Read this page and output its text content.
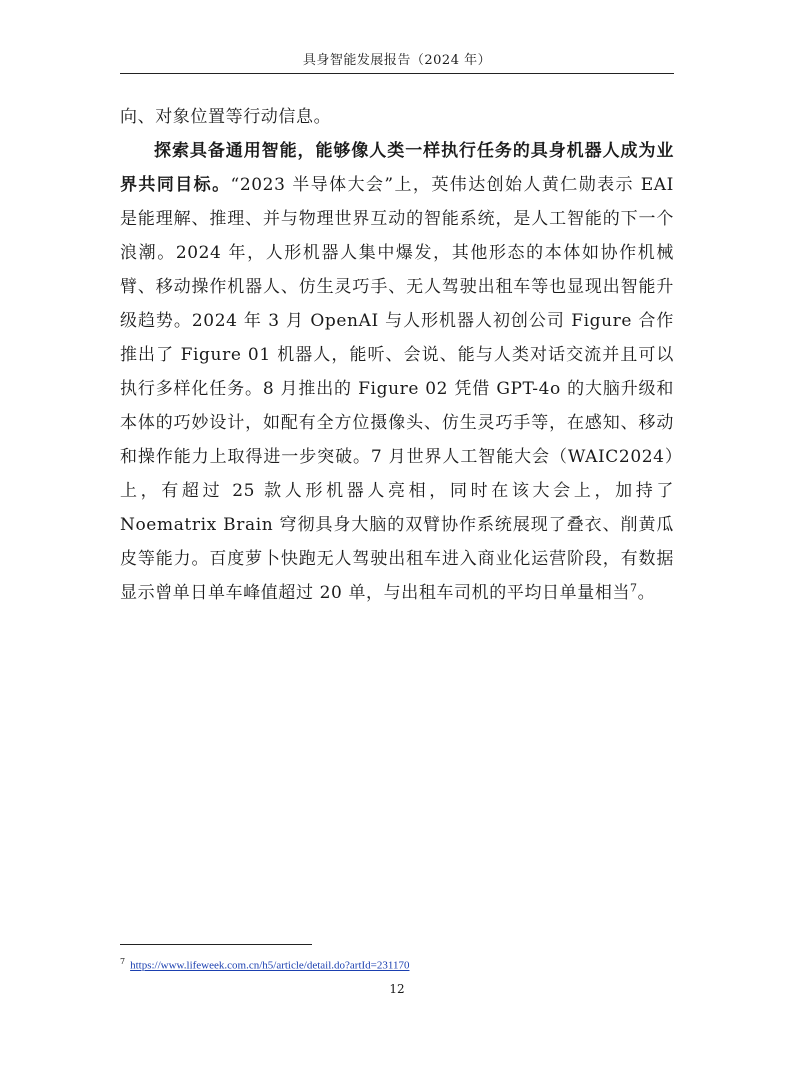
具身智能发展报告（2024 年）

向、对象位置等行动信息。

探索具备通用智能，能够像人类一样执行任务的具身机器人成为业界共同目标。“2023 半导体大会”上，英伟达创始人黄仁勋表示 EAI 是能理解、推理、并与物理世界互动的智能系统，是人工智能的下一个浪潮。2024 年，人形机器人集中爆发，其他形态的本体如协作机械臂、移动操作机器人、仿生灵巧手、无人驾驶出租车等也显现出智能升级趋势。2024 年 3 月 OpenAI 与人形机器人初创公司 Figure 合作推出了 Figure 01 机器人，能听、会说、能与人类对话交流并且可以执行多样化任务。8 月推出的 Figure 02 凭借 GPT-4o 的大脑升级和本体的巧妙设计，如配有全方位摄像头、仿生灵巧手等，在感知、移动和操作能力上取得进一步突破。7 月世界人工智能大会（WAIC2024）上，有超过 25 款人形机器人亮相，同时在该大会上，加持了 Noematrix Brain 穹彻具身大脑的双臂协作系统展现了叠衣、削黄瓜皮等能力。百度萝卜快跑无人驾驶出租车进入商业化运营阶段，有数据显示曾单日单车峰值超过 20 单，与出租车司机的平均日单量相当$^7$。

$^7$ https://www.lifeweek.com.cn/h5/article/detail.do?artId=231170
12
